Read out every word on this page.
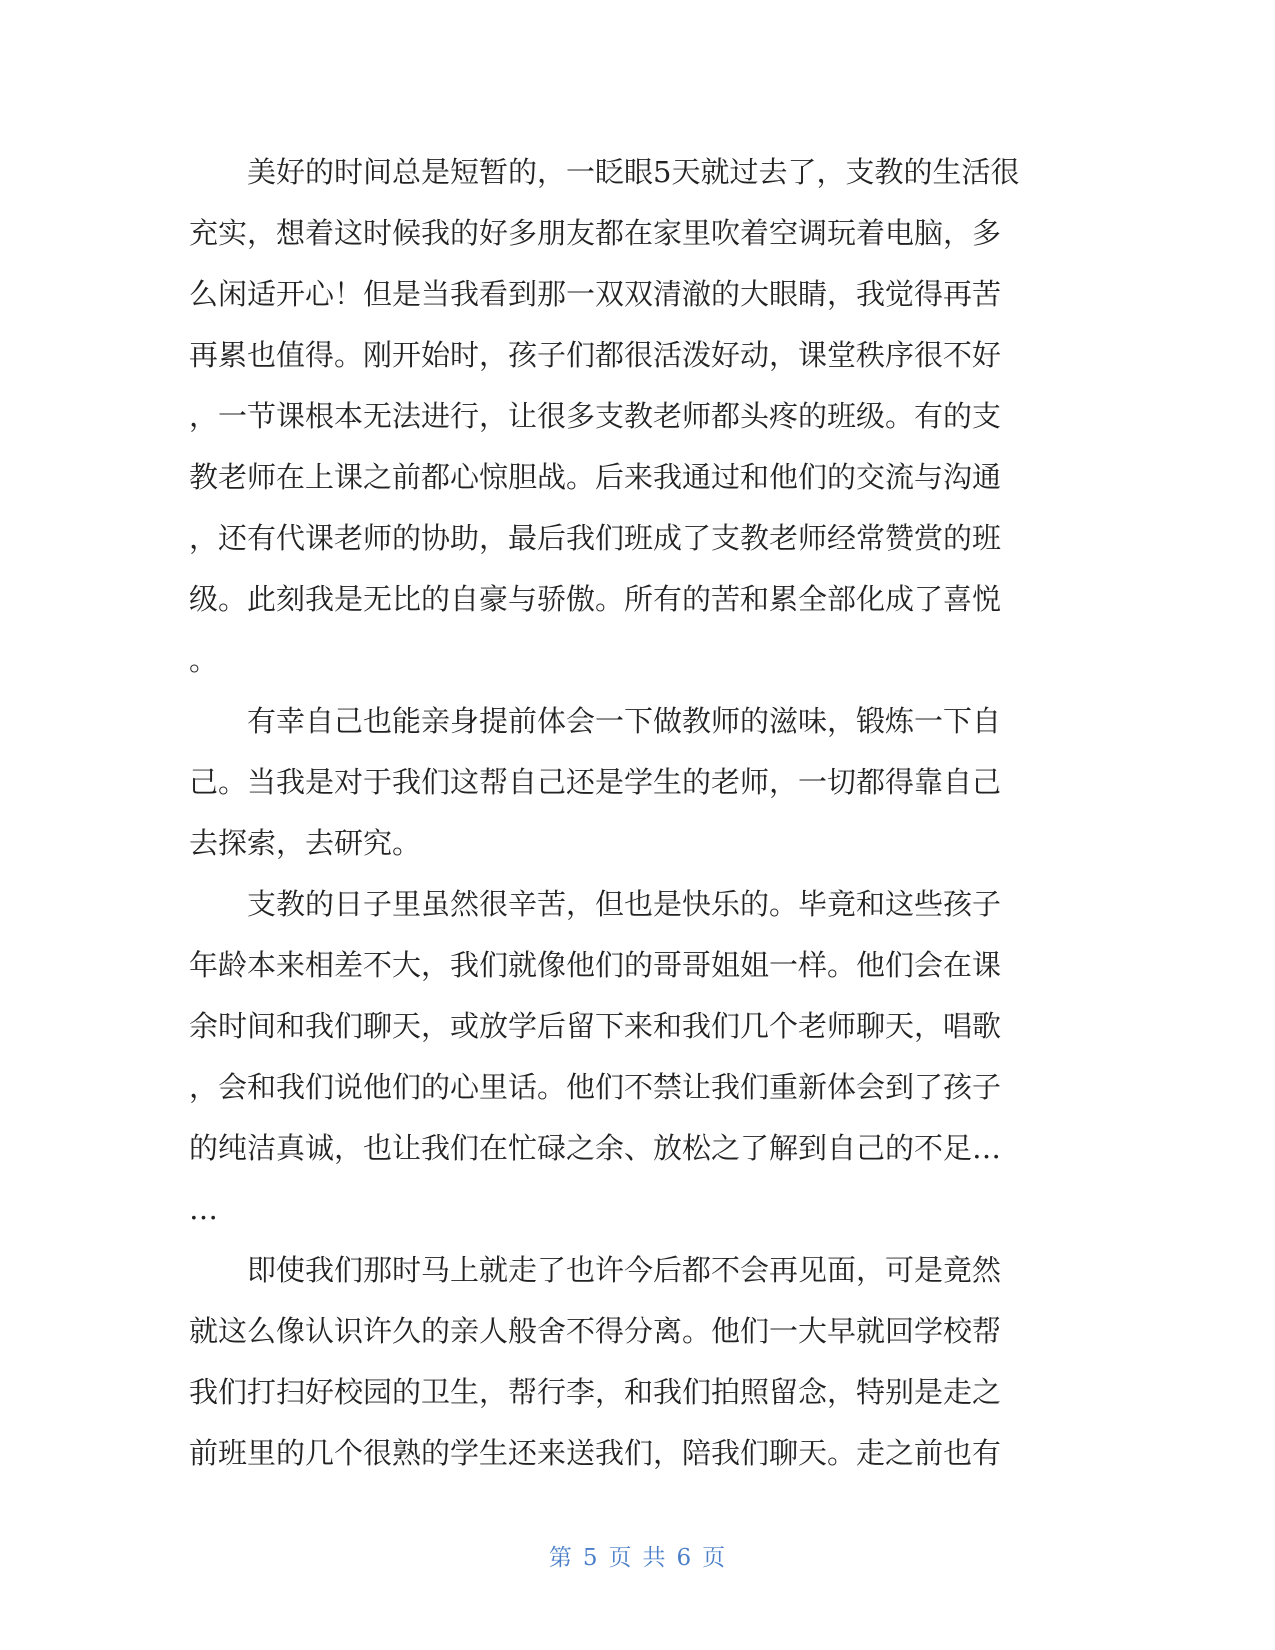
美好的时间总是短暂的，一眨眼5天就过去了，支教的生活很
充实，想着这时候我的好多朋友都在家里吹着空调玩着电脑，多
么闲适开心！但是当我看到那一双双清澈的大眼睛，我觉得再苦
再累也值得。刚开始时，孩子们都很活泼好动，课堂秩序很不好
，一节课根本无法进行，让很多支教老师都头疼的班级。有的支
教老师在上课之前都心惊胆战。后来我通过和他们的交流与沟通
，还有代课老师的协助，最后我们班成了支教老师经常赞赏的班
级。此刻我是无比的自豪与骄傲。所有的苦和累全部化成了喜悦
。
有幸自己也能亲身提前体会一下做教师的滋味，锻炼一下自
己。当我是对于我们这帮自己还是学生的老师，一切都得靠自己
去探索，去研究。
支教的日子里虽然很辛苦，但也是快乐的。毕竟和这些孩子
年龄本来相差不大，我们就像他们的哥哥姐姐一样。他们会在课
余时间和我们聊天，或放学后留下来和我们几个老师聊天，唱歌
，会和我们说他们的心里话。他们不禁让我们重新体会到了孩子
的纯洁真诚，也让我们在忙碌之余、放松之了解到自己的不足…
…
即使我们那时马上就走了也许今后都不会再见面，可是竟然
就这么像认识许久的亲人般舍不得分离。他们一大早就回学校帮
我们打扫好校园的卫生，帮行李，和我们拍照留念，特别是走之
前班里的几个很熟的学生还来送我们，陪我们聊天。走之前也有
第 5 页 共 6 页
